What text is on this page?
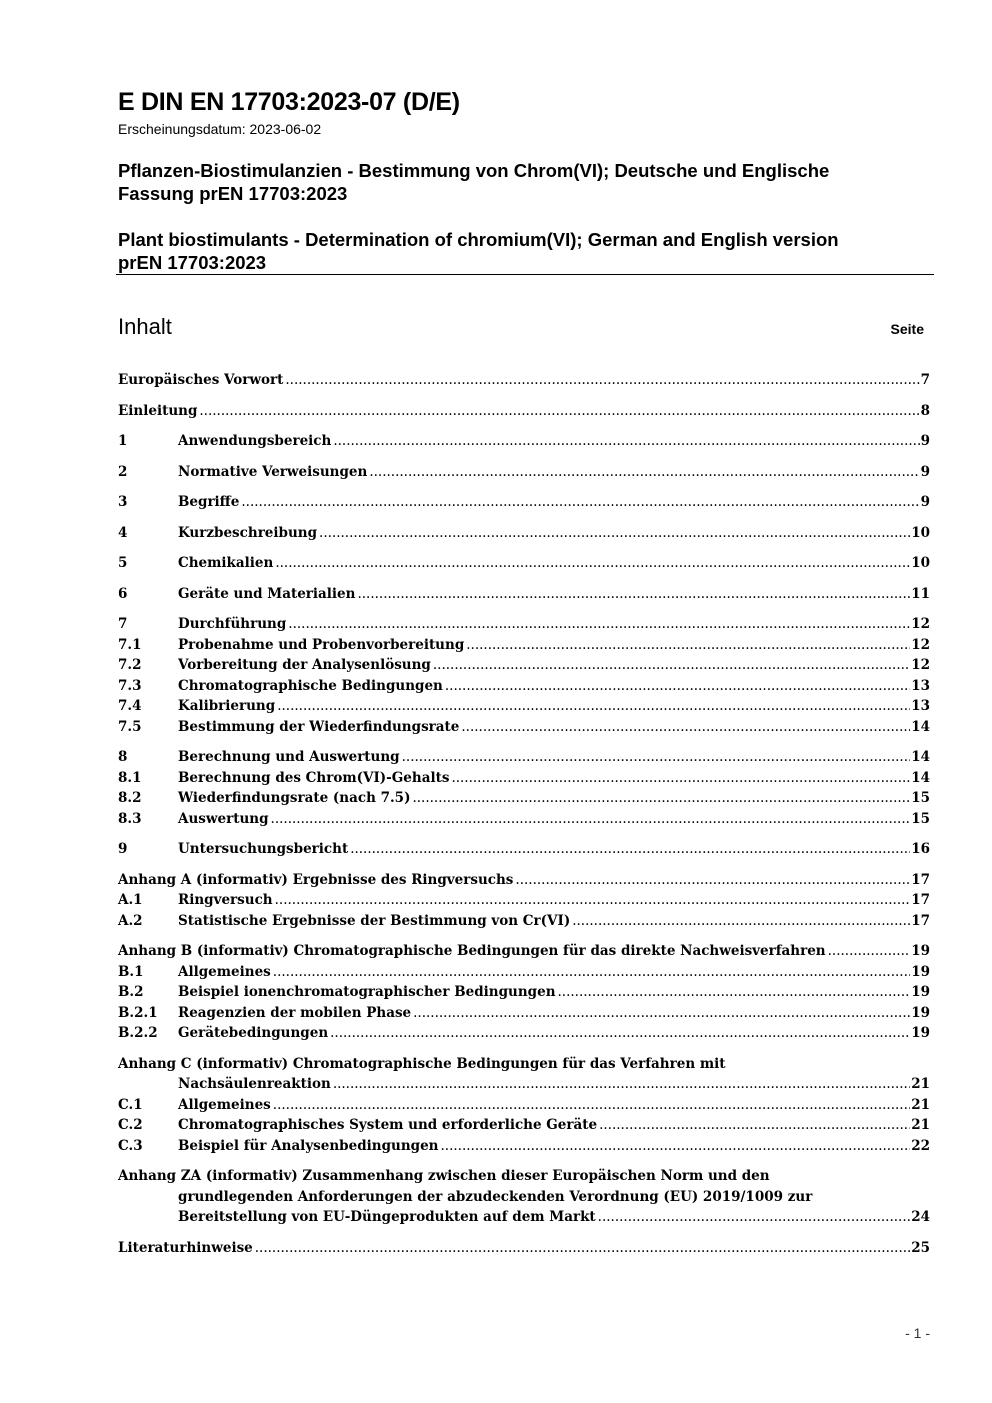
E DIN EN 17703:2023-07 (D/E)
Erscheinungsdatum: 2023-06-02
Pflanzen-Biostimulanzien - Bestimmung von Chrom(VI); Deutsche und Englische
Fassung prEN 17703:2023
Plant biostimulants - Determination of chromium(VI); German and English version
prEN 17703:2023
Inhalt	Seite
Europäisches Vorwort .....	7
Einleitung .....	8
1	Anwendungsbereich .....	9
2	Normative Verweisungen .....	9
3	Begriffe .....	9
4	Kurzbeschreibung .....	10
5	Chemikalien .....	10
6	Geräte und Materialien .....	11
7	Durchführung .....	12
7.1	Probenahme und Probenvorbereitung .....	12
7.2	Vorbereitung der Analysenlösung .....	12
7.3	Chromatographische Bedingungen .....	13
7.4	Kalibrierung .....	13
7.5	Bestimmung der Wiederfindungsrate .....	14
8	Berechnung und Auswertung .....	14
8.1	Berechnung des Chrom(VI)-Gehalts .....	14
8.2	Wiederfindungsrate (nach 7.5) .....	15
8.3	Auswertung .....	15
9	Untersuchungsbericht .....	16
Anhang A (informativ) Ergebnisse des Ringversuchs .....	17
A.1	Ringversuch .....	17
A.2	Statistische Ergebnisse der Bestimmung von Cr(VI) .....	17
Anhang B (informativ) Chromatographische Bedingungen für das direkte Nachweisverfahren .....	19
B.1	Allgemeines .....	19
B.2	Beispiel ionenchromatographischer Bedingungen .....	19
B.2.1	Reagenzien der mobilen Phase .....	19
B.2.2	Gerätebedingungen .....	19
Anhang C (informativ) Chromatographische Bedingungen für das Verfahren mit
Nachsäulenreaktion .....	21
C.1	Allgemeines .....	21
C.2	Chromatographisches System und erforderliche Geräte .....	21
C.3	Beispiel für Analysenbedingungen .....	22
Anhang ZA (informativ) Zusammenhang zwischen dieser Europäischen Norm und den
grundlegenden Anforderungen der abzudeckenden Verordnung (EU) 2019/1009 zur
Bereitstellung von EU-Düngeprodukten auf dem Markt .....	24
Literaturhinweise .....	25
- 1 -
